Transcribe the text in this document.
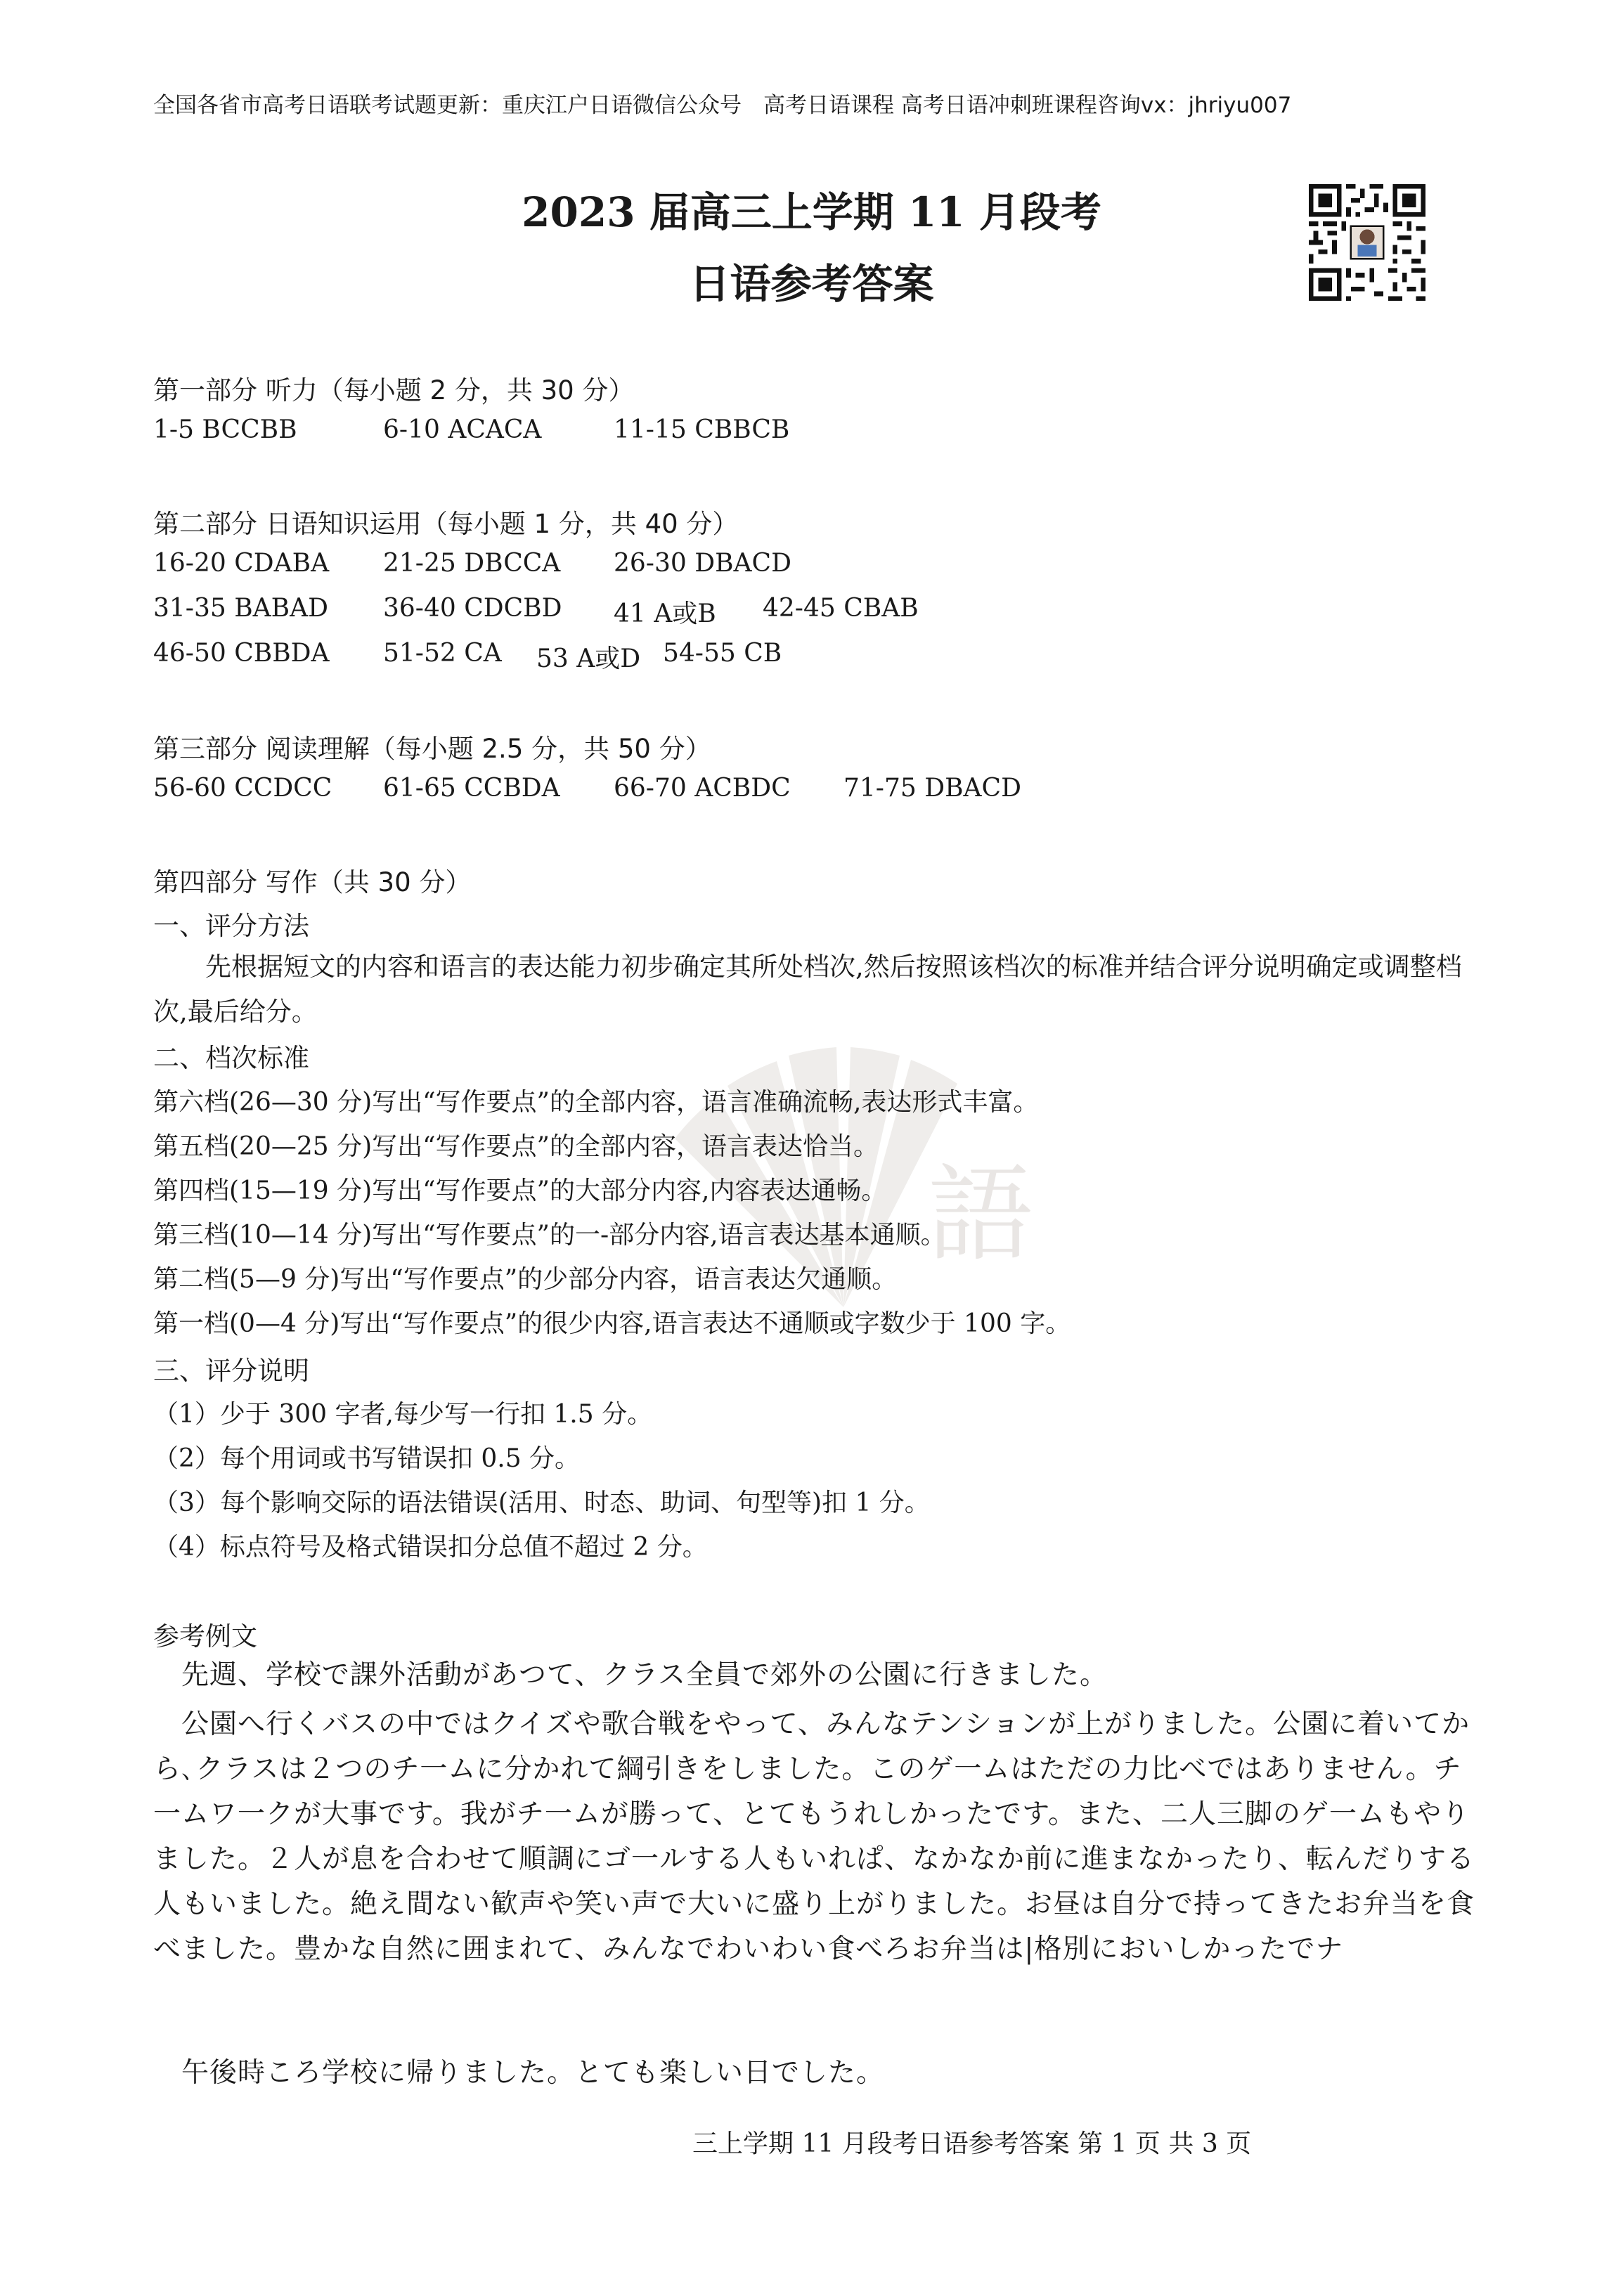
全国各省市高考日语联考试题更新：重庆江户日语微信公众号　高考日语课程 高考日语冲刺班课程咨询vx：jhriyu007
2023 届高三上学期 11 月段考
日语参考答案
語
第一部分 听力（每小题 2 分，共 30 分）
1-5 BCCBB	6-10 ACACA	11-15 CBBCB
第二部分 日语知识运用（每小题 1 分，共 40 分）
16-20 CDABA 21-25 DBCCA 26-30 DBACD
31-35 BABAD 36-40 CDCBD 41 A或B 42-45 CBAB
46-50 CBBDA 51-52 CA 53 A或D 54-55 CB
第三部分 阅读理解（每小题 2.5 分，共 50 分）
56-60 CCDCC 61-65 CCBDA 66-70 ACBDC 71-75 DBACD
第四部分 写作（共 30 分）
一、评分方法
先根据短文的内容和语言的表达能力初步确定其所处档次,然后按照该档次的标准并结合评分说明确定或调整档次,最后给分。
二、档次标准
第六档(26—30 分)写出“写作要点”的全部内容，语言准确流畅,表达形式丰富。
第五档(20—25 分)写出“写作要点”的全部内容，语言表达恰当。
第四档(15—19 分)写出“写作要点”的大部分内容,内容表达通畅。
第三档(10—14 分)写出“写作要点”的一-部分内容,语言表达基本通顺。
第二档(5—9 分)写出“写作要点”的少部分内容，语言表达欠通顺。
第一档(0—4 分)写出“写作要点”的很少内容,语言表达不通顺或字数少于 100 字。
三、评分说明
（1）少于 300 字者,每少写一行扣 1.5 分。
（2）每个用词或书写错误扣 0.5 分。
（3）每个影响交际的语法错误(活用、时态、助词、句型等)扣 1 分。
（4）标点符号及格式错误扣分总值不超过 2 分。
参考例文
先週、学校で課外活動があつて、クラス全員で郊外の公園に行きました。
公園へ行くバスの中ではクイズや歌合戦をやって、みんなテンションが上がりました。公園に着いてから､クラスは２つのチ一ムに分かれて綱引きをしました。このゲ一ムはただの力比べではありません。チ一ムワ一クが大事です。我がチ一ムが勝って、とてもうれしかったです。また、二人三脚のゲ一ムもやりました。２人が息を合わせて順調にゴ一ルする人もいれぱ、なかなか前に進まなかったり、転んだりする人もいました。絶え間ない歓声や笑い声で大いに盛り上がりました。お昼は自分で持ってきたお弁当を食べました。豊かな自然に囲まれて、みんなでわいわい食べろお弁当は|格別においしかったでナ
午後時ころ学校に帰りました。とても楽しい日でした。
三上学期 11 月段考日语参考答案 第 1 页 共 3 页
